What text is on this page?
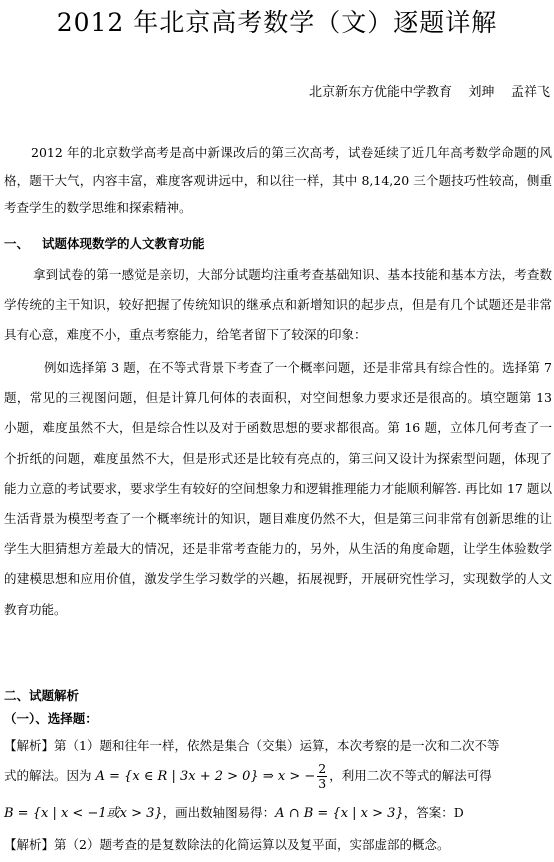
2012 年北京高考数学（文）逐题详解
北京新东方优能中学教育    刘珅    孟祥飞
2012 年的北京数学高考是高中新课改后的第三次高考，试卷延续了近几年高考数学命题的风格，题干大气，内容丰富，难度客观讲远中，和以往一样，其中 8,14,20 三个题技巧性较高，侧重考查学生的数学思维和探索精神。
一、   试题体现数学的人文教育功能
拿到试卷的第一感觉是亲切，大部分试题均注重考查基础知识、基本技能和基本方法，考查数学传统的主干知识，较好把握了传统知识的继承点和新增知识的起步点，但是有几个试题还是非常具有心意，难度不小，重点考察能力，给笔者留下了较深的印象：
例如选择第 3 题，在不等式背景下考查了一个概率问题，还是非常具有综合性的。选择第 7 题，常见的三视图问题，但是计算几何体的表面积，对空间想象力要求还是很高的。填空题第 13 小题，难度虽然不大，但是综合性以及对于函数思想的要求都很高。第 16 题，立体几何考查了一个折纸的问题，难度虽然不大，但是形式还是比较有亮点的，第三问又设计为探索型问题，体现了能力立意的考试要求，要求学生有较好的空间想象力和逻辑推理能力才能顺利解答. 再比如 17 题以生活背景为模型考查了一个概率统计的知识，题目难度仍然不大，但是第三问非常有创新思维的让学生大胆猜想方差最大的情况，还是非常考查能力的，另外，从生活的角度命题，让学生体验数学的建模思想和应用价值，激发学生学习数学的兴趣，拓展视野，开展研究性学习，实现数学的人文教育功能。
二、试题解析
（一）、选择题：
【解析】第（1）题和往年一样，依然是集合（交集）运算，本次考察的是一次和二次不等
式的解法。因为 A = {x ∈ R | 3x + 2 > 0} ⇒ x > − $\frac{2}{3}$ ，利用二次不等式的解法可得
B = {x | x < −1或x > 3}，画出数轴图易得：A ∩ B = {x | x > 3}，答案：D
【解析】第（2）题考查的是复数除法的化简运算以及复平面，实部虚部的概念。
